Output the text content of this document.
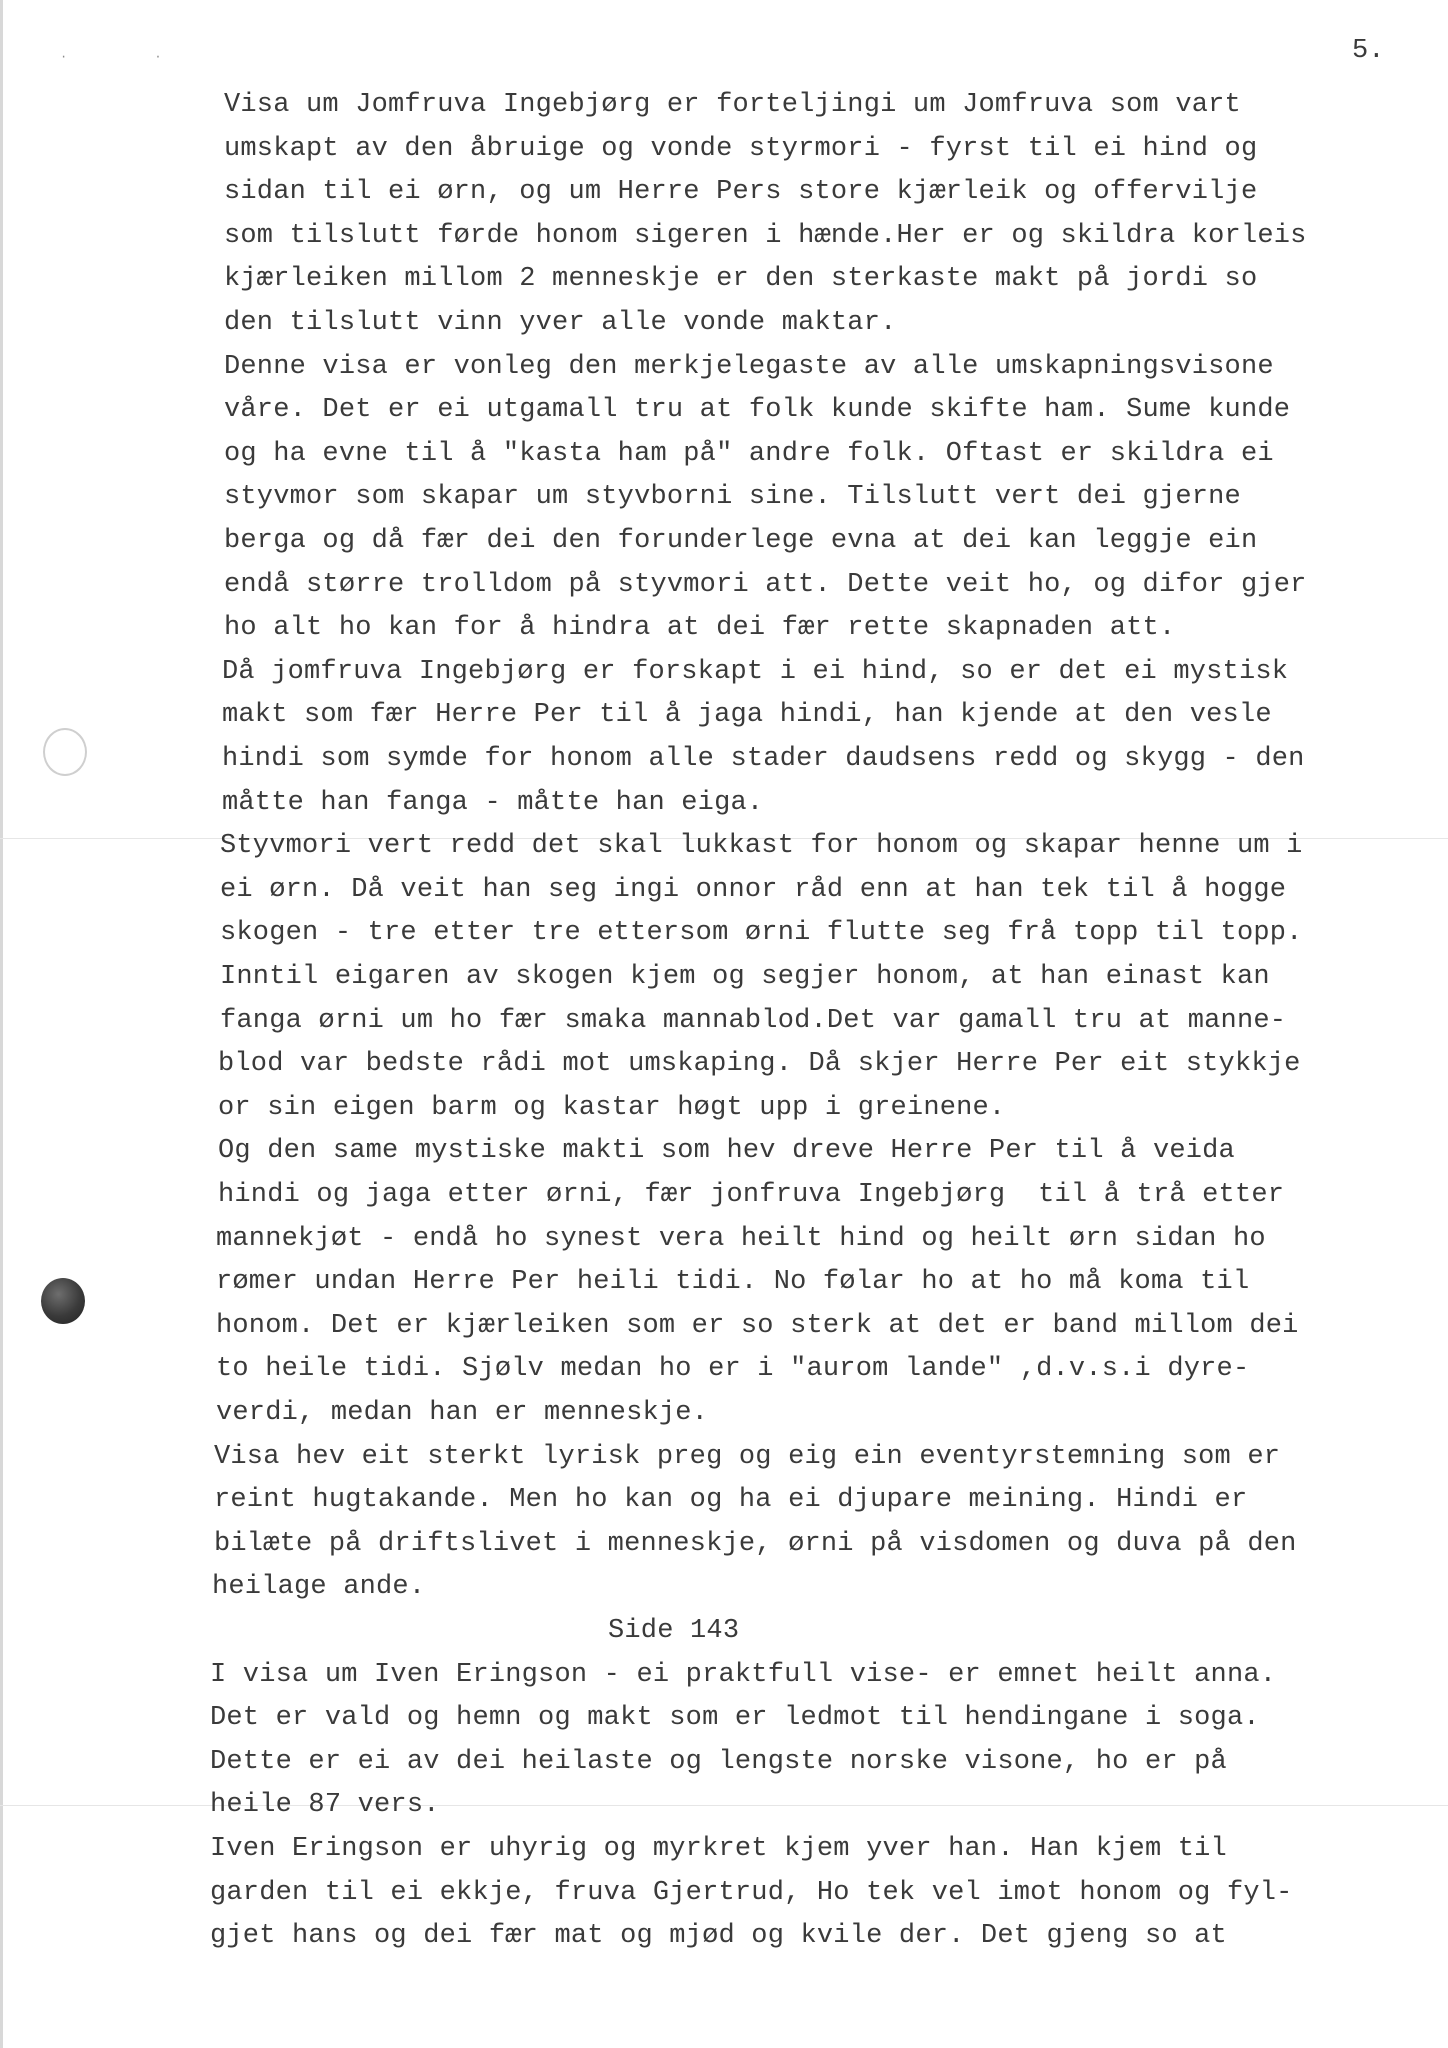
· ·	5.
Visa um Jomfruva Ingebjørg er forteljingi um Jomfruva som vart
umskapt av den åbruige og vonde styrmori - fyrst til ei hind og
sidan til ei ørn, og um Herre Pers store kjærleik og offervilje
som tilslutt førde honom sigeren i hænde.Her er og skildra korleis
kjærleiken millom 2 menneskje er den sterkaste makt på jordi so
den tilslutt vinn yver alle vonde maktar.
Denne visa er vonleg den merkjelegaste av alle umskapningsvisone
våre. Det er ei utgamall tru at folk kunde skifte ham. Sume kunde
og ha evne til å "kasta ham på" andre folk. Oftast er skildra ei
styvmor som skapar um styvborni sine. Tilslutt vert dei gjerne
berga og då fær dei den forunderlege evna at dei kan leggje ein
endå større trolldom på styvmori att. Dette veit ho, og difor gjer
ho alt ho kan for å hindra at dei fær rette skapnaden att.
Då jomfruva Ingebjørg er forskapt i ei hind, so er det ei mystisk
makt som fær Herre Per til å jaga hindi, han kjende at den vesle
hindi som symde for honom alle stader daudsens redd og skygg - den
måtte han fanga - måtte han eiga.
Styvmori vert redd det skal lukkast for honom og skapar henne um i
ei ørn. Då veit han seg ingi onnor råd enn at han tek til å hogge
skogen - tre etter tre ettersom ørni flutte seg frå topp til topp.
Inntil eigaren av skogen kjem og segjer honom, at han einast kan
fanga ørni um ho fær smaka mannablod.Det var gamall tru at manne-
blod var bedste rådi mot umskaping. Då skjer Herre Per eit stykkje
or sin eigen barm og kastar høgt upp i greinene.
Og den same mystiske makti som hev dreve Herre Per til å veida
hindi og jaga etter ørni, fær jonfruva Ingebjørg  til å trå etter
mannekjøt - endå ho synest vera heilt hind og heilt ørn sidan ho
rømer undan Herre Per heili tidi. No følar ho at ho må koma til
honom. Det er kjærleiken som er so sterk at det er band millom dei
to heile tidi. Sjølv medan ho er i "aurom lande" ,d.v.s.i dyre-
verdi, medan han er menneskje.
Visa hev eit sterkt lyrisk preg og eig ein eventyrstemning som er
reint hugtakande. Men ho kan og ha ei djupare meining. Hindi er
bilæte på driftslivet i menneskje, ørni på visdomen og duva på den
heilage ande.
Side 143
I visa um Iven Eringson - ei praktfull vise- er emnet heilt anna.
Det er vald og hemn og makt som er ledmot til hendingane i soga.
Dette er ei av dei heilaste og lengste norske visone, ho er på
heile 87 vers.
Iven Eringson er uhyrig og myrkret kjem yver han. Han kjem til
garden til ei ekkje, fruva Gjertrud, Ho tek vel imot honom og fyl-
gjet hans og dei fær mat og mjød og kvile der. Det gjeng so at
